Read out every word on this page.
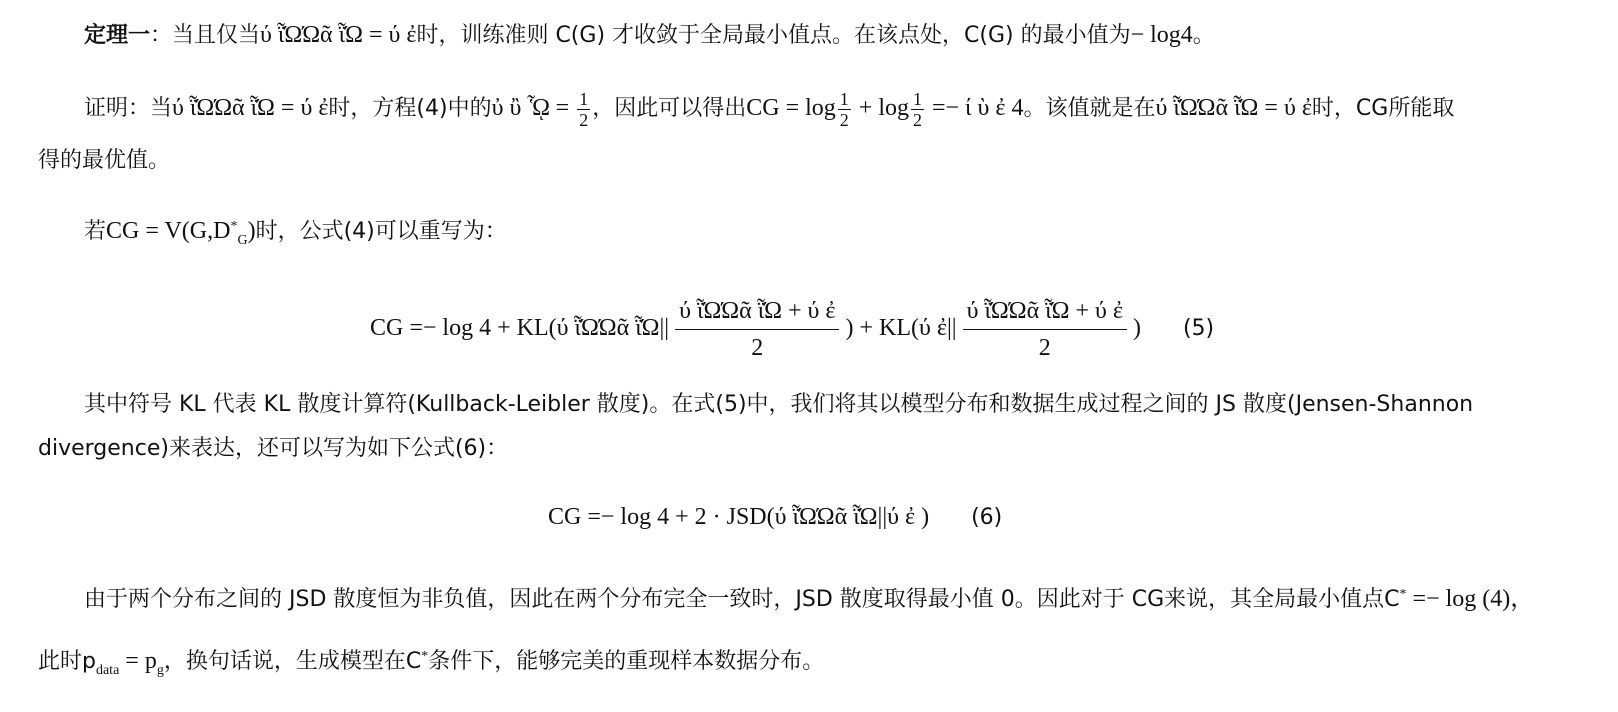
定理一：当且仅当ύ ῗΏΏᾶ ῗΏ = ύ ἐ时，训练准则 C(G) 才收敛于全局最小值点。在该点处，C(G) 的最小值为− log4。
证明：当ύ ῗΏΏᾶ ῗΏ = ύ ἐ时，方程(4)中的ὐ ὒ ᾯ = $\frac{1}{2}$ ，因此可以得出CG = $\log \frac{1}{2} + \log \frac{1}{2} =- ί$ ὺ ἐ 4。该值就是在ύ ῗΏΏᾶ ῗΏ = ύ ἐ时，CG所能取
得的最优值。
若CG = $V(G,D^*_G)$时，公式(4)可以重写为：
CG =− log 4 + KL(ύ ῗΏΏᾶ ῗΏ|| $\frac{\text{ύ ῗΏΏᾶ ῗΏ + ύ ἐ}}{2}$ ) + KL(ύ ἐ|| $\frac{\text{ύ ῗΏΏᾶ ῗΏ + ύ ἐ}}{2}$ ) (5)
其中符号 KL 代表 KL 散度计算符(Kullback-Leibler 散度)。在式(5)中，我们将其以模型分布和数据生成过程之间的 JS 散度(Jensen-Shannon
divergence)来表达，还可以写为如下公式(6)：
CG =− log 4 + 2 · JSD(ύ ῗΏΏᾶ ῗΏ||ύ ἐ ) (6)
由于两个分布之间的 JSD 散度恒为非负值，因此在两个分布完全一致时，JSD 散度取得最小值 0。因此对于 CG来说，其全局最小值点C* =− log (4)，
此时$p_{data} = p_g$，换句话说，生成模型在C*条件下，能够完美的重现样本数据分布。
